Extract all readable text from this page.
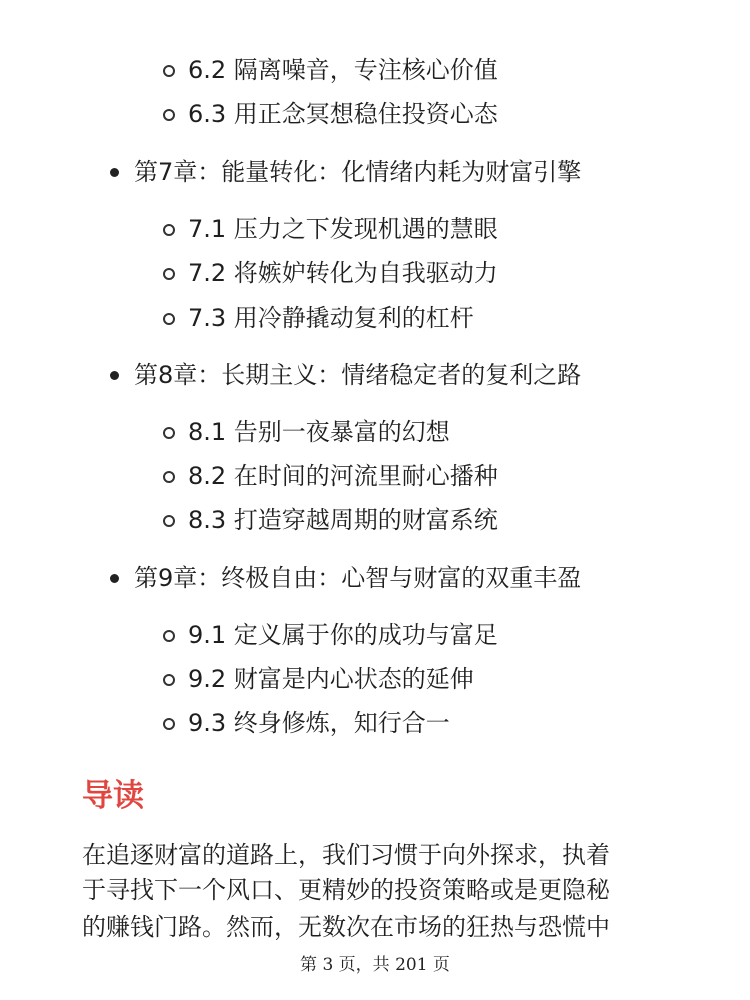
6.2 隔离噪音，专注核心价值
6.3 用正念冥想稳住投资心态
第7章：能量转化：化情绪内耗为财富引擎
7.1 压力之下发现机遇的慧眼
7.2 将嫉妒转化为自我驱动力
7.3 用冷静撬动复利的杠杆
第8章：长期主义：情绪稳定者的复利之路
8.1 告别一夜暴富的幻想
8.2 在时间的河流里耐心播种
8.3 打造穿越周期的财富系统
第9章：终极自由：心智与财富的双重丰盈
9.1 定义属于你的成功与富足
9.2 财富是内心状态的延伸
9.3 终身修炼，知行合一
导读
在追逐财富的道路上，我们习惯于向外探求，执着
于寻找下一个风口、更精妙的投资策略或是更隐秘
的赚钱门路。然而，无数次在市场的狂热与恐慌中
第 3 页，共 201 页
